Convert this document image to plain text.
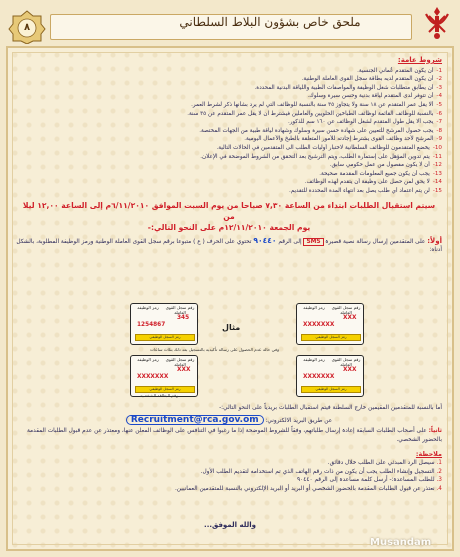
٨	ملحق خاص بشؤون البلاط السلطاني
شروط عامة:
1-أن يكون المتقدم عُماني الجنسية.
2-أن يكون المتقدم لديه بطاقة سجل القوى العاملة الوطنية.
3-أن يطابق متطلبات شغل الوظيفة والمواصفات الطبية واللياقة البدنية المحددة.
4-أن تتوفر لدى المتقدم لياقة بدنية وحسن سيرة وسلوك.
5-ألا يقل عمر المتقدم عن ١٨ سنة ولا يتجاوز ٣٥ سنة بالنسبة للوظائف التي لم يرد بشأنها ذكر لشرط العمر.
6-بالنسبة للوظائف القائمة لوظائف الطباخين الحلويين والعاملين فيشترط ان لا يقل عمر المتقدم عن ٣٥ سنة.
7-يجب ألا يقل طول المتقدم لشغل الوظائف عن ١٦٠ سم للذكور.
8-يجب حصول المرشح للتعيين على شهادة حسن سيرة وسلوك وشهادة لياقة طبية من الجهات المختصة.
9-المرشح لأحد وظائف القوى يشترط إجادته للأمور المتعلقة بالطبخ والأعمال اليومية.
10-يخضع المتقدمون للوظائف السلطانية لاختبار أوليات الطلب الى المتقدمين في الحالات التالية.
11-يتم تدوين المؤهل على إستمارة الطلب، ويتم الترشيح بعد التحقق من الشروط الموضحة في الإعلان.
12-أن لا يكون مفصول من عمل حكومي سابق.
13-يجب أن يكون جميع المعلومات المقدمة صحيحة.
14-لا يحق لمن حصل على وظيفة أن يتقدم لهذه الوظائف.
15-لن يتم اعتماد أي طلب يصل بعد انتهاء المدة المحددة للتقديم.
سيتم استقبال الطلبات ابتداء من الساعة ٧,٣٠ صباحا من يوم السبت الموافق ٦/١١/٢٠١٠م إلى الساعة ١٢,٠٠ ليلا من
يوم الجمعة ١٢/١١/٢٠١٠م على النحو التالي:-
أولاً: على المتقدمين إرسال رسالة نصية قصيرة SMS إلى الرقم ٩٠٤٤٠ تحتوي على الحرف ( ع ) متبوعا برقم سجل القوى العاملة الوطنية ورمز الوظيفة المطلوبة، بالشكل أدناه:
رقم سجل القوى العاملة
رمز الوظيفة
1254867
345
رمز السجل الوظيفي
رقم سجل القوى العاملة
رمز الوظيفة
XXXXXXX
XXX
رمز السجل الوظيفي
مثال
وفي حالة عدم الحصول على رسالة تأكيدية بالتسجيل بعد ذلك بثلاث ساعات
رقم سجل القوى العاملة
رمز الوظيفة
XXXXXXX
XXX
رمز السجل الوظيفي
رقم سجل القوى العاملة
رمز الوظيفة
XXXXXXX
XXX
رمز السجل الوظيفي
رقم البطاقة الشخصية
أما بالنسبة للمتقدمين المقيمين خارج السلطنة فيتم استقبال الطلبات بريدياً على النحو التالي:-
عن طريق البريد الالكتروني: Recruitment@rca.gov.om
ثانياً: على أصحاب الطلبات السابقة إعادة إرسال طلباتهم، وفقاً للشروط الموضحة إذا ما رغبوا في التنافس على الوظائف المعلن عنها، ومعتذر عن عدم قبول الطلبات المقدمة بالحضور الشخصي.
ملاحظة:
1. سيصل الرد المبدئي على الطلب خلال دقائق.
2. التسجيل وإنشاء الطلب يجب أن يكون من ذات رقم الهاتف الذي تم استخدامه لتقديم الطلب الأول.
3. للطلب المساعدة:- أرسل كلمة مساعدة إلى الرقم ٩٠٤٤٠
4. نعتذر عن قبول الطلبات المقدمة بالحضور الشخصي أو البريد أو البريد الإلكتروني بالنسبة للمتقدمين العمانيين.
والله الموفق...
Musandam
